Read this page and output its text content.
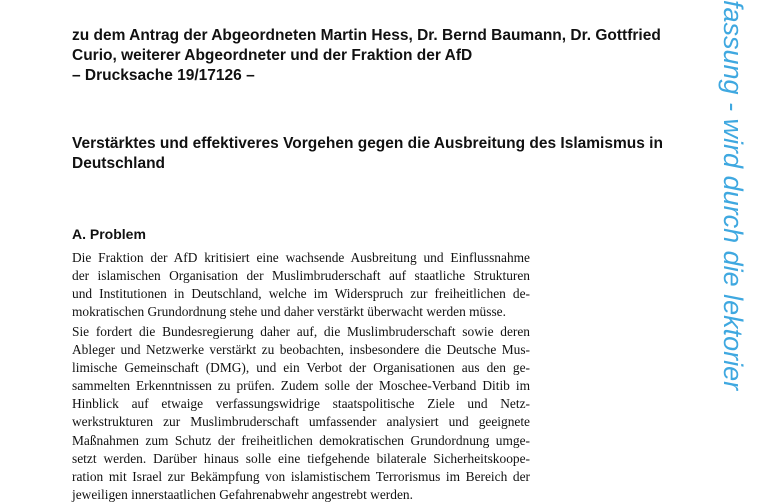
zu dem Antrag der Abgeordneten Martin Hess, Dr. Bernd Baumann, Dr. Gottfried
Curio, weiterer Abgeordneter und der Fraktion der AfD
– Drucksache 19/17126 –
Verstärktes und effektiveres Vorgehen gegen die Ausbreitung des Islamismus in
Deutschland
A. Problem
Die Fraktion der AfD kritisiert eine wachsende Ausbreitung und Einflussnahme
der islamischen Organisation der Muslimbruderschaft auf staatliche Strukturen
und Institutionen in Deutschland, welche im Widerspruch zur freiheitlichen de-
mokratischen Grundordnung stehe und daher verstärkt überwacht werden müsse.
Sie fordert die Bundesregierung daher auf, die Muslimbruderschaft sowie deren
Ableger und Netzwerke verstärkt zu beobachten, insbesondere die Deutsche Mus-
limische Gemeinschaft (DMG), und ein Verbot der Organisationen aus den ge-
sammelten Erkenntnissen zu prüfen. Zudem solle der Moschee-Verband Ditib im
Hinblick auf etwaige verfassungswidrige staatspolitische Ziele und Netz-
werkstrukturen zur Muslimbruderschaft umfassender analysiert und geeignete
Maßnahmen zum Schutz der freiheitlichen demokratischen Grundordnung umge-
setzt werden. Darüber hinaus solle eine tiefgehende bilaterale Sicherheitskoope-
ration mit Israel zur Bekämpfung von islamistischem Terrorismus im Bereich der
jeweiligen innerstaatlichen Gefahrenabwehr angestrebt werden.
fassung - wird durch die lektorier
